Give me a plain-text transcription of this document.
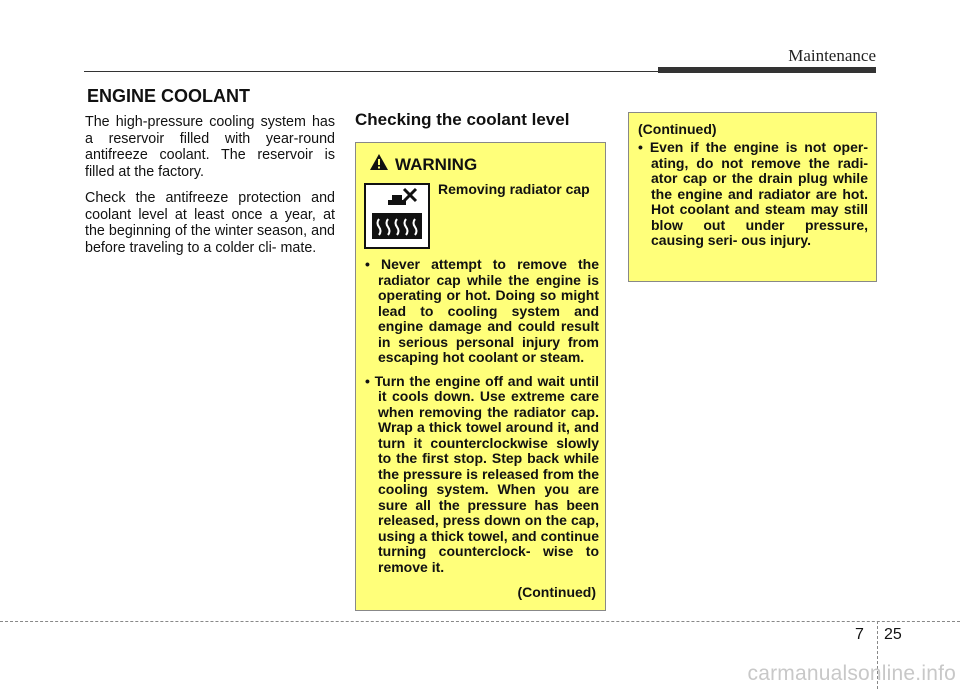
Maintenance
ENGINE COOLANT

The high-pressure cooling system has a reservoir filled with year-round antifreeze coolant. The reservoir is filled at the factory.

Check the antifreeze protection and coolant level at least once a year, at the beginning of the winter season, and before traveling to a colder cli- mate.

Checking the coolant level
WARNING
Removing radiator cap
• Never attempt to remove the radiator cap while the engine is operating or hot. Doing so might lead to cooling system and engine damage and could result in serious personal injury from escaping hot coolant or steam.
• Turn the engine off and wait until it cools down. Use extreme care when removing the radiator cap. Wrap a thick towel around it, and turn it counterclockwise slowly to the first stop. Step back while the pressure is released from the cooling system. When you are sure all the pressure has been released, press down on the cap, using a thick towel, and continue turning counterclock- wise to remove it.
(Continued)
(Continued)
• Even if the engine is not oper- ating, do not remove the radi- ator cap or the drain plug while the engine and radiator are hot. Hot coolant and steam may still blow out under pressure, causing seri- ous injury.
7 25
carmanualsonline.info
